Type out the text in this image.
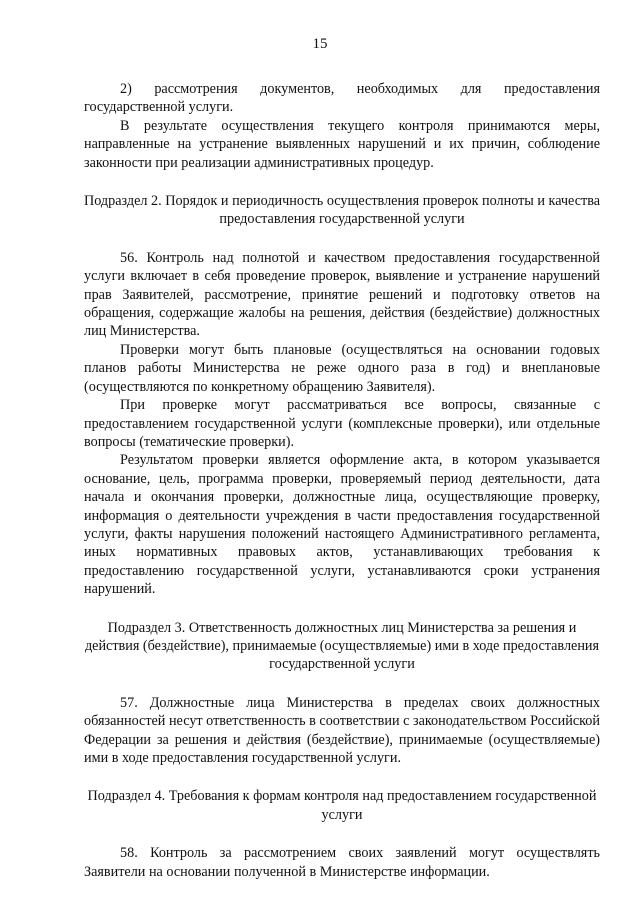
15

2) рассмотрения документов, необходимых для предоставления государственной услуги.

В результате осуществления текущего контроля принимаются меры, направленные на устранение выявленных нарушений и их причин, соблюдение законности при реализации административных процедур.

Подраздел 2. Порядок и периодичность осуществления проверок полноты и качества предоставления государственной услуги

56. Контроль над полнотой и качеством предоставления государственной услуги включает в себя проведение проверок, выявление и устранение нарушений прав Заявителей, рассмотрение, принятие решений и подготовку ответов на обращения, содержащие жалобы на решения, действия (бездействие) должностных лиц Министерства.

Проверки могут быть плановые (осуществляться на основании годовых планов работы Министерства не реже одного раза в год) и внеплановые (осуществляются по конкретному обращению Заявителя).

При проверке могут рассматриваться все вопросы, связанные с предоставлением государственной услуги (комплексные проверки), или отдельные вопросы (тематические проверки).

Результатом проверки является оформление акта, в котором указывается основание, цель, программа проверки, проверяемый период деятельности, дата начала и окончания проверки, должностные лица, осуществляющие проверку, информация о деятельности учреждения в части предоставления государственной услуги, факты нарушения положений настоящего Административного регламента, иных нормативных правовых актов, устанавливающих требования к предоставлению государственной услуги, устанавливаются сроки устранения нарушений.

Подраздел 3. Ответственность должностных лиц Министерства за решения и действия (бездействие), принимаемые (осуществляемые) ими в ходе предоставления государственной услуги

57. Должностные лица Министерства в пределах своих должностных обязанностей несут ответственность в соответствии с законодательством Российской Федерации за решения и действия (бездействие), принимаемые (осуществляемые) ими в ходе предоставления государственной услуги.

Подраздел 4. Требования к формам контроля над предоставлением государственной услуги

58. Контроль за рассмотрением своих заявлений могут осуществлять Заявители на основании полученной в Министерстве информации.
